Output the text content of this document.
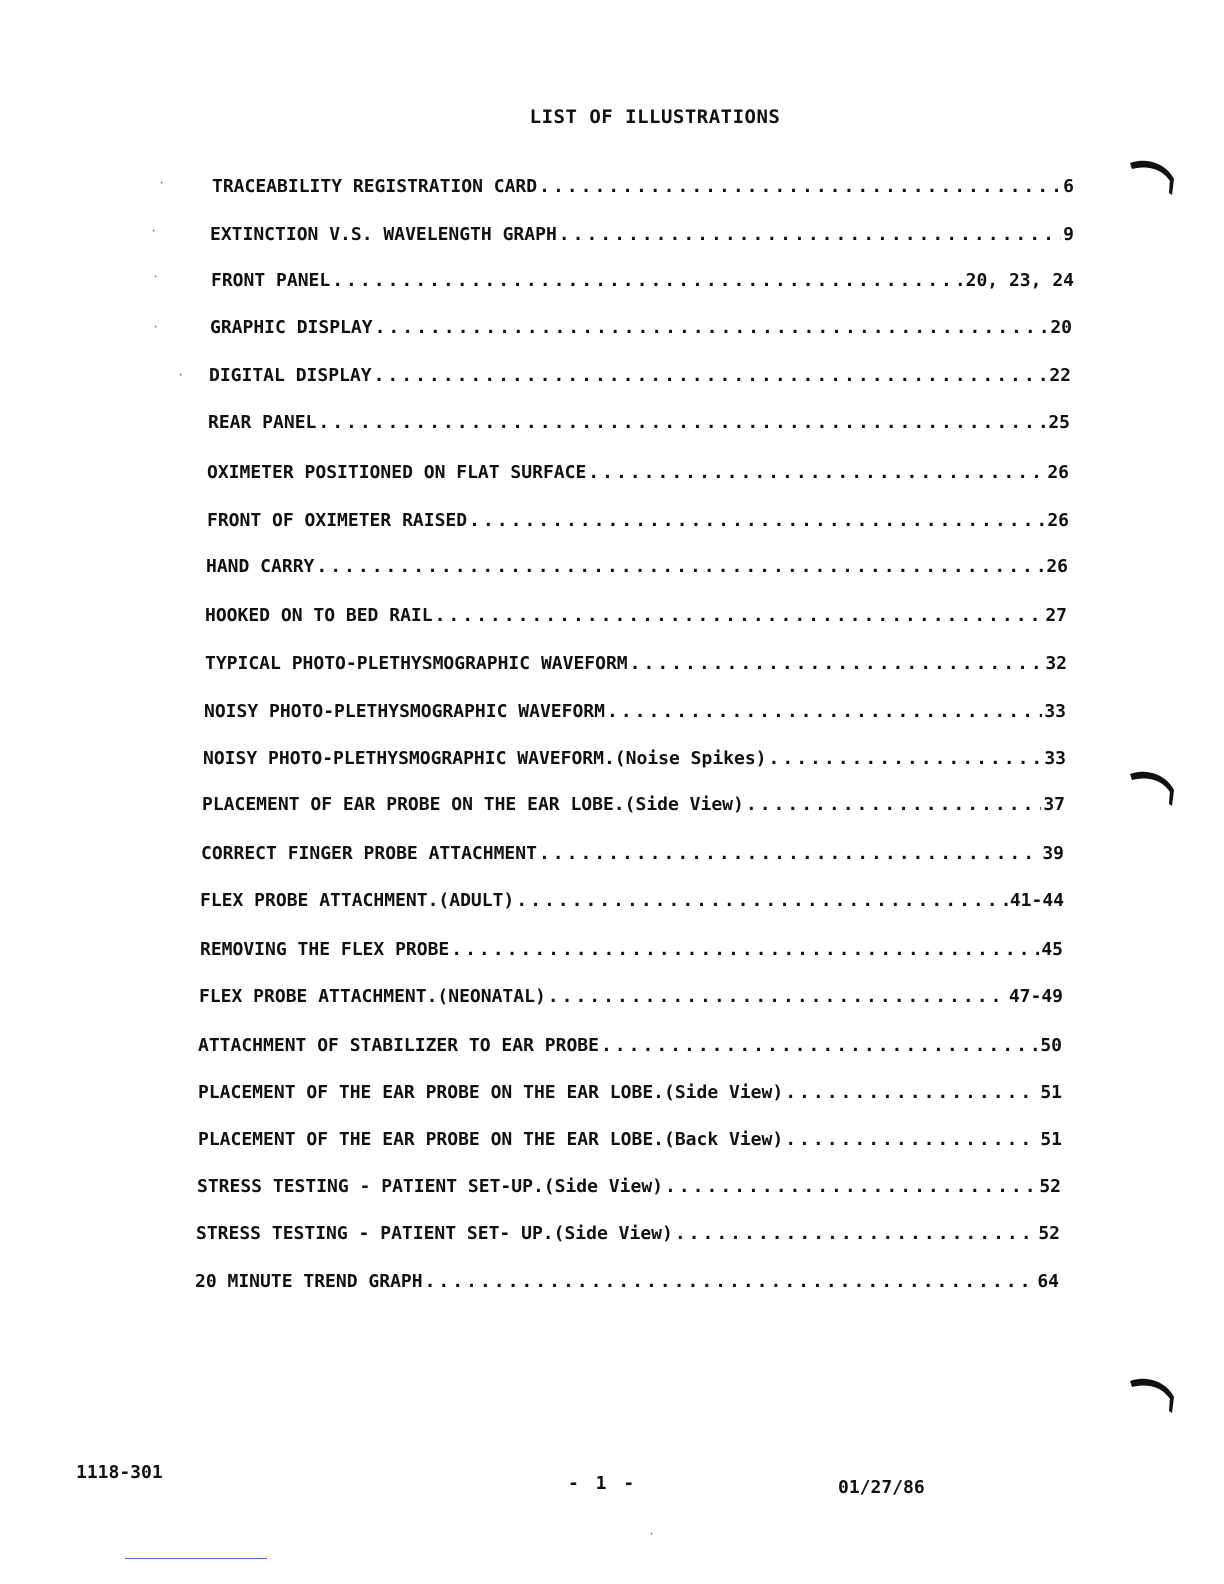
LIST OF ILLUSTRATIONS
TRACEABILITY REGISTRATION CARD .....	6
EXTINCTION V.S. WAVELENGTH GRAPH .....	9
FRONT PANEL .....	20, 23, 24
GRAPHIC DISPLAY .....	20
DIGITAL DISPLAY .....	22
REAR PANEL .....	25
OXIMETER POSITIONED ON FLAT SURFACE .....	26
FRONT OF OXIMETER RAISED .....	26
HAND CARRY .....	26
HOOKED ON TO BED RAIL .....	27
TYPICAL PHOTO-PLETHYSMOGRAPHIC WAVEFORM .....	32
NOISY PHOTO-PLETHYSMOGRAPHIC WAVEFORM .....	33
NOISY PHOTO-PLETHYSMOGRAPHIC WAVEFORM.(Noise Spikes) .....	33
PLACEMENT OF EAR PROBE ON THE EAR LOBE.(Side View) .....	37
CORRECT FINGER PROBE ATTACHMENT .....	39
FLEX PROBE ATTACHMENT.(ADULT) .....	41-44
REMOVING THE FLEX PROBE .....	45
FLEX PROBE ATTACHMENT.(NEONATAL) .....	47-49
ATTACHMENT OF STABILIZER TO EAR PROBE .....	50
PLACEMENT OF THE EAR PROBE ON THE EAR LOBE.(Side View) .....	51
PLACEMENT OF THE EAR PROBE ON THE EAR LOBE.(Back View) .....	51
STRESS TESTING - PATIENT SET-UP.(Side View) .....	52
STRESS TESTING - PATIENT SET- UP.(Side View) .....	52
20 MINUTE TREND GRAPH .....	64
·
·
·
·
·
·
1118-301
- 1 -	01/27/86
